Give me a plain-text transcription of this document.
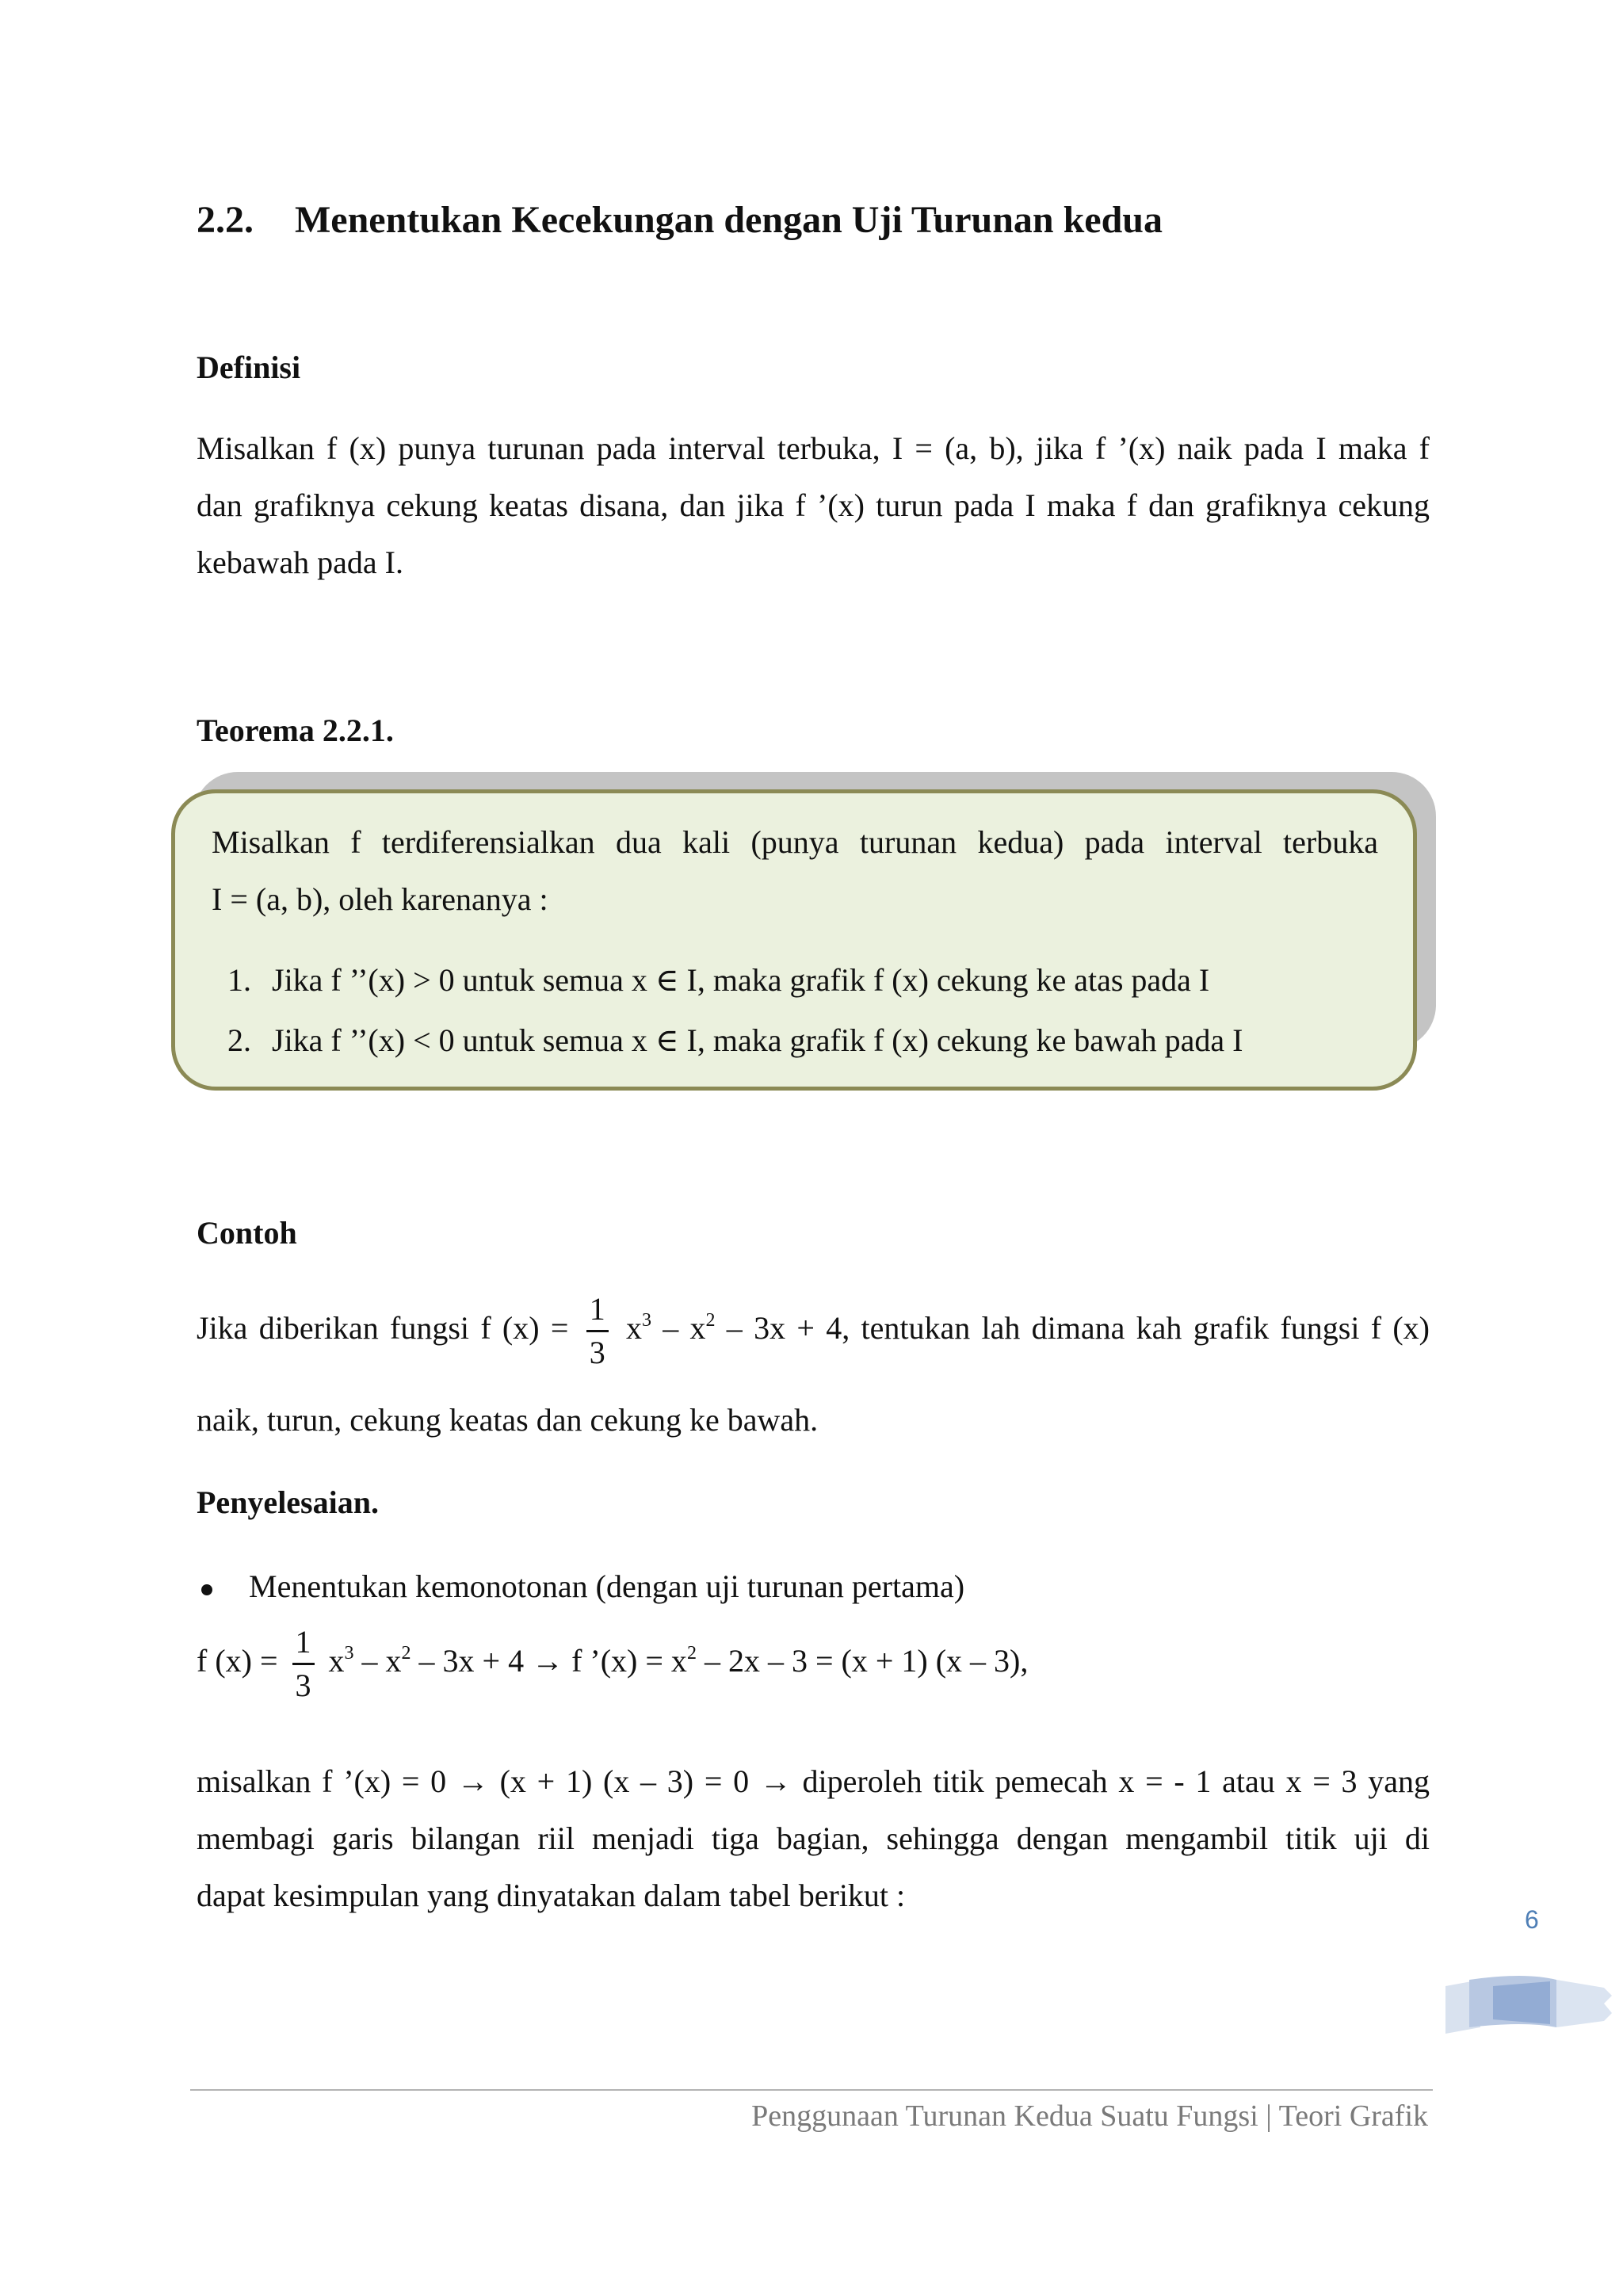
2.2. Menentukan Kecekungan dengan Uji Turunan kedua
Definisi
Misalkan f (x) punya turunan pada interval terbuka, I = (a, b), jika f ’(x) naik pada I maka f
dan grafiknya cekung keatas disana, dan jika f ’(x) turun pada I maka f dan grafiknya cekung
kebawah pada I.
Teorema 2.2.1.
Misalkan f terdiferensialkan dua kali (punya turunan kedua) pada interval terbuka
I = (a, b), oleh karenanya :
1. Jika f ’’(x) > 0 untuk semua x ∈ I, maka grafik f (x) cekung ke atas pada I
2. Jika f ’’(x) < 0 untuk semua x ∈ I, maka grafik f (x) cekung ke bawah pada I
Contoh
Jika diberikan fungsi f $(x) = \frac{1}{3} x^3 - x^2 - 3x + 4$, tentukan lah dimana kah grafik fungsi f (x)
naik, turun, cekung keatas dan cekung ke bawah.
Penyelesaian.
Menentukan kemonotonan (dengan uji turunan pertama)
f $(x) = \frac{1}{3} x^3 - x^2 - 3x + 4 \to f$ ’(x) = $x^2 - 2x - 3 = (x + 1)$ (x – 3),
misalkan f ’(x) = 0 → (x + 1) (x – 3) = 0 → diperoleh titik pemecah x = - 1 atau x = 3 yang
membagi garis bilangan riil menjadi tiga bagian, sehingga dengan mengambil titik uji di
dapat kesimpulan yang dinyatakan dalam tabel berikut :
6
Penggunaan Turunan Kedua Suatu Fungsi | Teori Grafik
